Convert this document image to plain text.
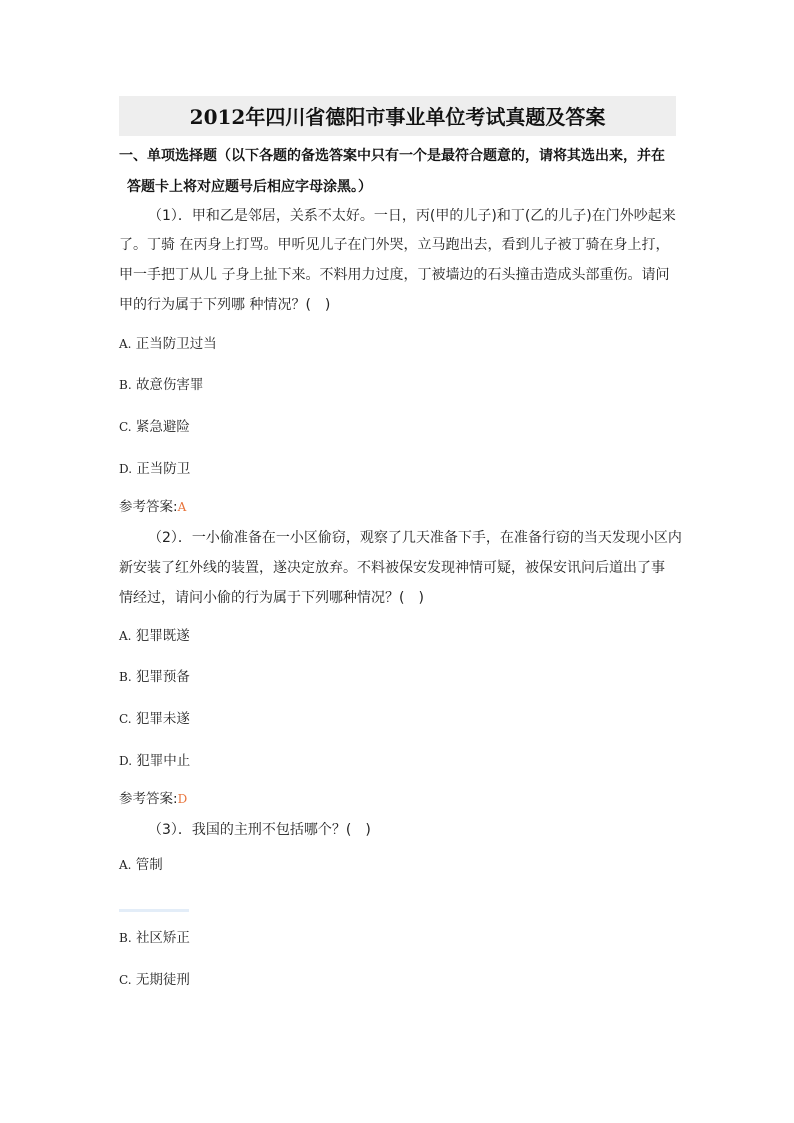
2012年四川省德阳市事业单位考试真题及答案
一、单项选择题（以下各题的备选答案中只有一个是最符合题意的，请将其选出来，并在
答题卡上将对应题号后相应字母涂黑。）
（1）．甲和乙是邻居，关系不太好。一日，丙(甲的儿子)和丁(乙的儿子)在门外吵起来
了。丁骑 在丙身上打骂。甲听见儿子在门外哭，立马跑出去，看到儿子被丁骑在身上打，
甲一手把丁从儿 子身上扯下来。不料用力过度，丁被墙边的石头撞击造成头部重伤。请问
甲的行为属于下列哪 种情况？(　)
A. 正当防卫过当
B. 故意伤害罪
C. 紧急避险
D. 正当防卫
参考答案:A
（2）．一小偷准备在一小区偷窃，观察了几天准备下手，在准备行窃的当天发现小区内
新安装了红外线的装置，遂决定放弃。不料被保安发现神情可疑，被保安讯问后道出了事
情经过，请问小偷的行为属于下列哪种情况？(　)
A. 犯罪既遂
B. 犯罪预备
C. 犯罪未遂
D. 犯罪中止
参考答案:D
（3）．我国的主刑不包括哪个？(　)
A. 管制
B. 社区矫正
C. 无期徒刑
